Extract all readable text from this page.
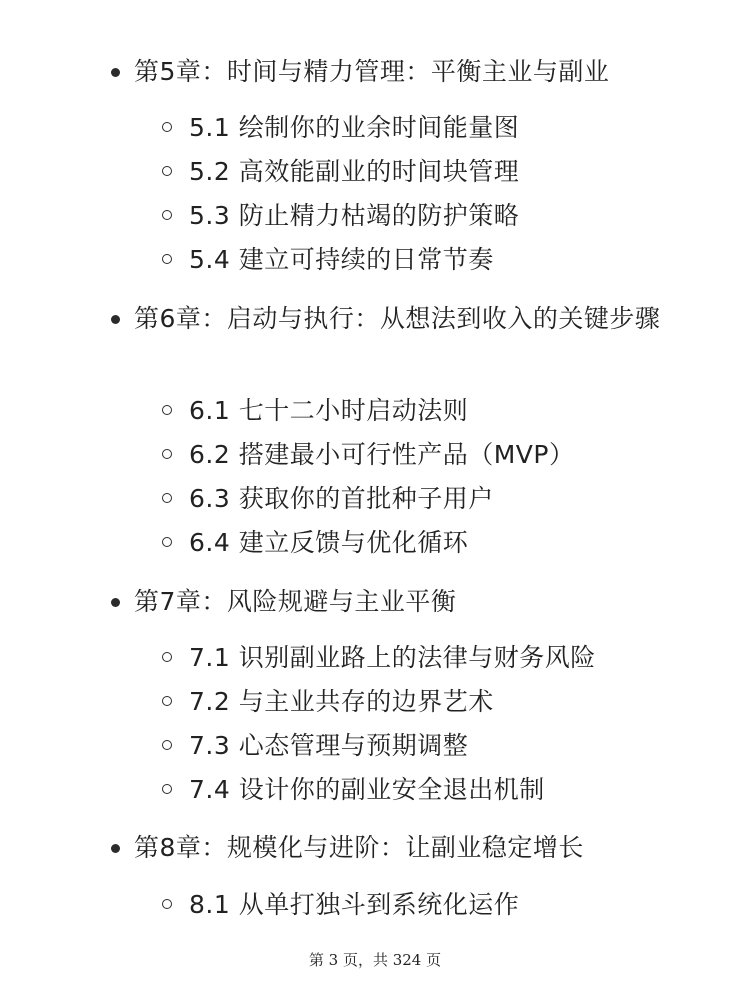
第5章：时间与精力管理：平衡主业与副业
5.1 绘制你的业余时间能量图
5.2 高效能副业的时间块管理
5.3 防止精力枯竭的防护策略
5.4 建立可持续的日常节奏
第6章：启动与执行：从想法到收入的关键步骤
6.1 七十二小时启动法则
6.2 搭建最小可行性产品（MVP）
6.3 获取你的首批种子用户
6.4 建立反馈与优化循环
第7章：风险规避与主业平衡
7.1 识别副业路上的法律与财务风险
7.2 与主业共存的边界艺术
7.3 心态管理与预期调整
7.4 设计你的副业安全退出机制
第8章：规模化与进阶：让副业稳定增长
8.1 从单打独斗到系统化运作
第 3 页，共 324 页
